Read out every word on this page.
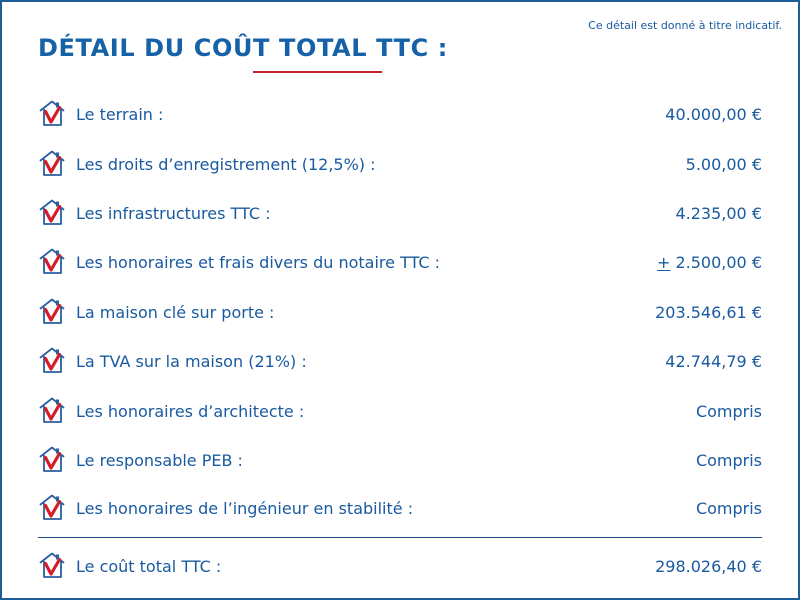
Ce détail est donné à titre indicatif.
DÉTAIL DU COÛT TOTAL TTC :
Le terrain :	40.000,00 €
Les droits d’enregistrement (12,5%) :	5.00,00 €
Les infrastructures TTC :	4.235,00 €
Les honoraires et frais divers du notaire TTC :	+ 2.500,00 €
La maison clé sur porte :	203.546,61 €
La TVA sur la maison (21%) :	42.744,79 €
Les honoraires d’architecte :	Compris
Le responsable PEB :	Compris
Les honoraires de l’ingénieur en stabilité :	Compris
Le coût total TTC :	298.026,40 €
